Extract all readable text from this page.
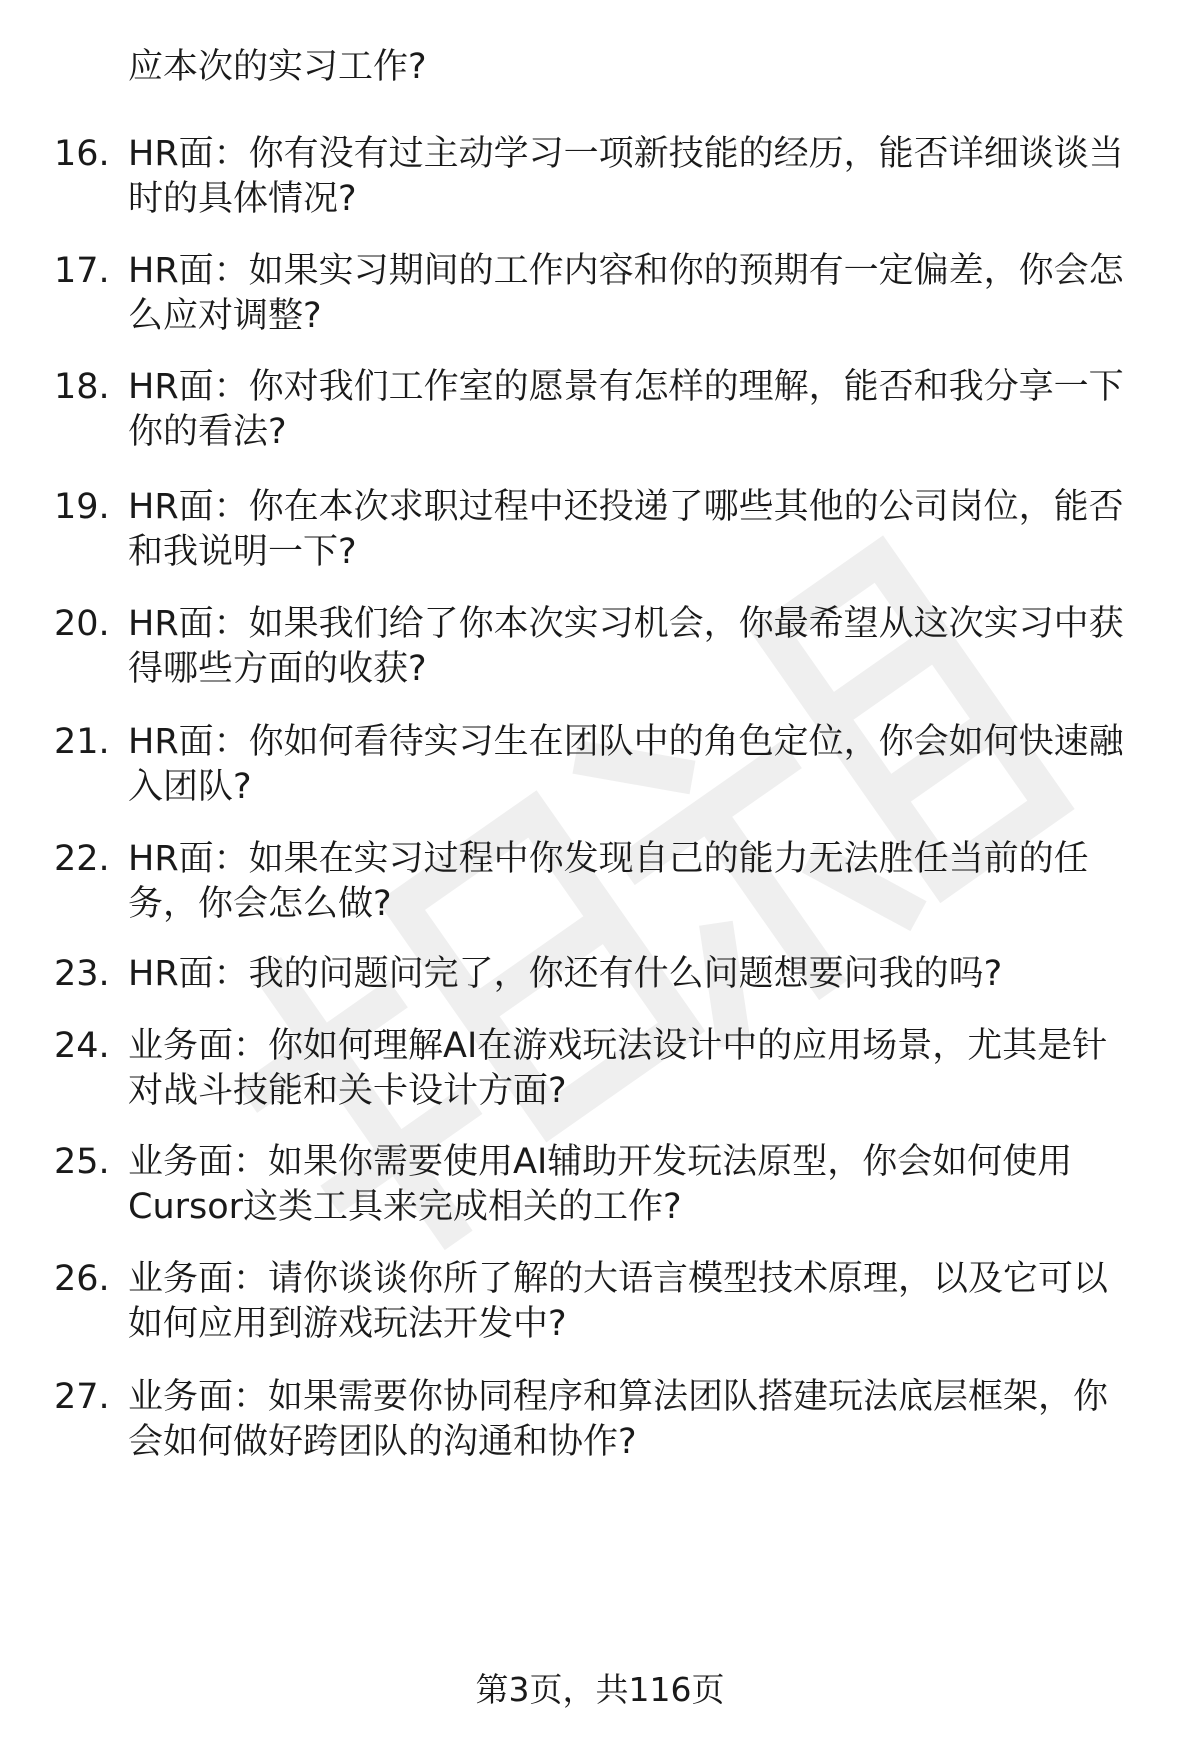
应本次的实习工作?
16. HR面：你有没有过主动学习一项新技能的经历，能否详细谈谈当
时的具体情况?
17. HR面：如果实习期间的工作内容和你的预期有一定偏差，你会怎
么应对调整?
18. HR面：你对我们工作室的愿景有怎样的理解，能否和我分享一下
你的看法?
19. HR面：你在本次求职过程中还投递了哪些其他的公司岗位，能否
和我说明一下?
20. HR面：如果我们给了你本次实习机会，你最希望从这次实习中获
得哪些方面的收获?
21. HR面：你如何看待实习生在团队中的角色定位，你会如何快速融
入团队?
22. HR面：如果在实习过程中你发现自己的能力无法胜任当前的任
务，你会怎么做?
23. HR面：我的问题问完了，你还有什么问题想要问我的吗?
24. 业务面：你如何理解AI在游戏玩法设计中的应用场景，尤其是针
对战斗技能和关卡设计方面?
25. 业务面：如果你需要使用AI辅助开发玩法原型，你会如何使用
Cursor这类工具来完成相关的工作?
26. 业务面：请你谈谈你所了解的大语言模型技术原理，以及它可以
如何应用到游戏玩法开发中?
27. 业务面：如果需要你协同程序和算法团队搭建玩法底层框架，你
会如何做好跨团队的沟通和协作?
第3页，共116页
